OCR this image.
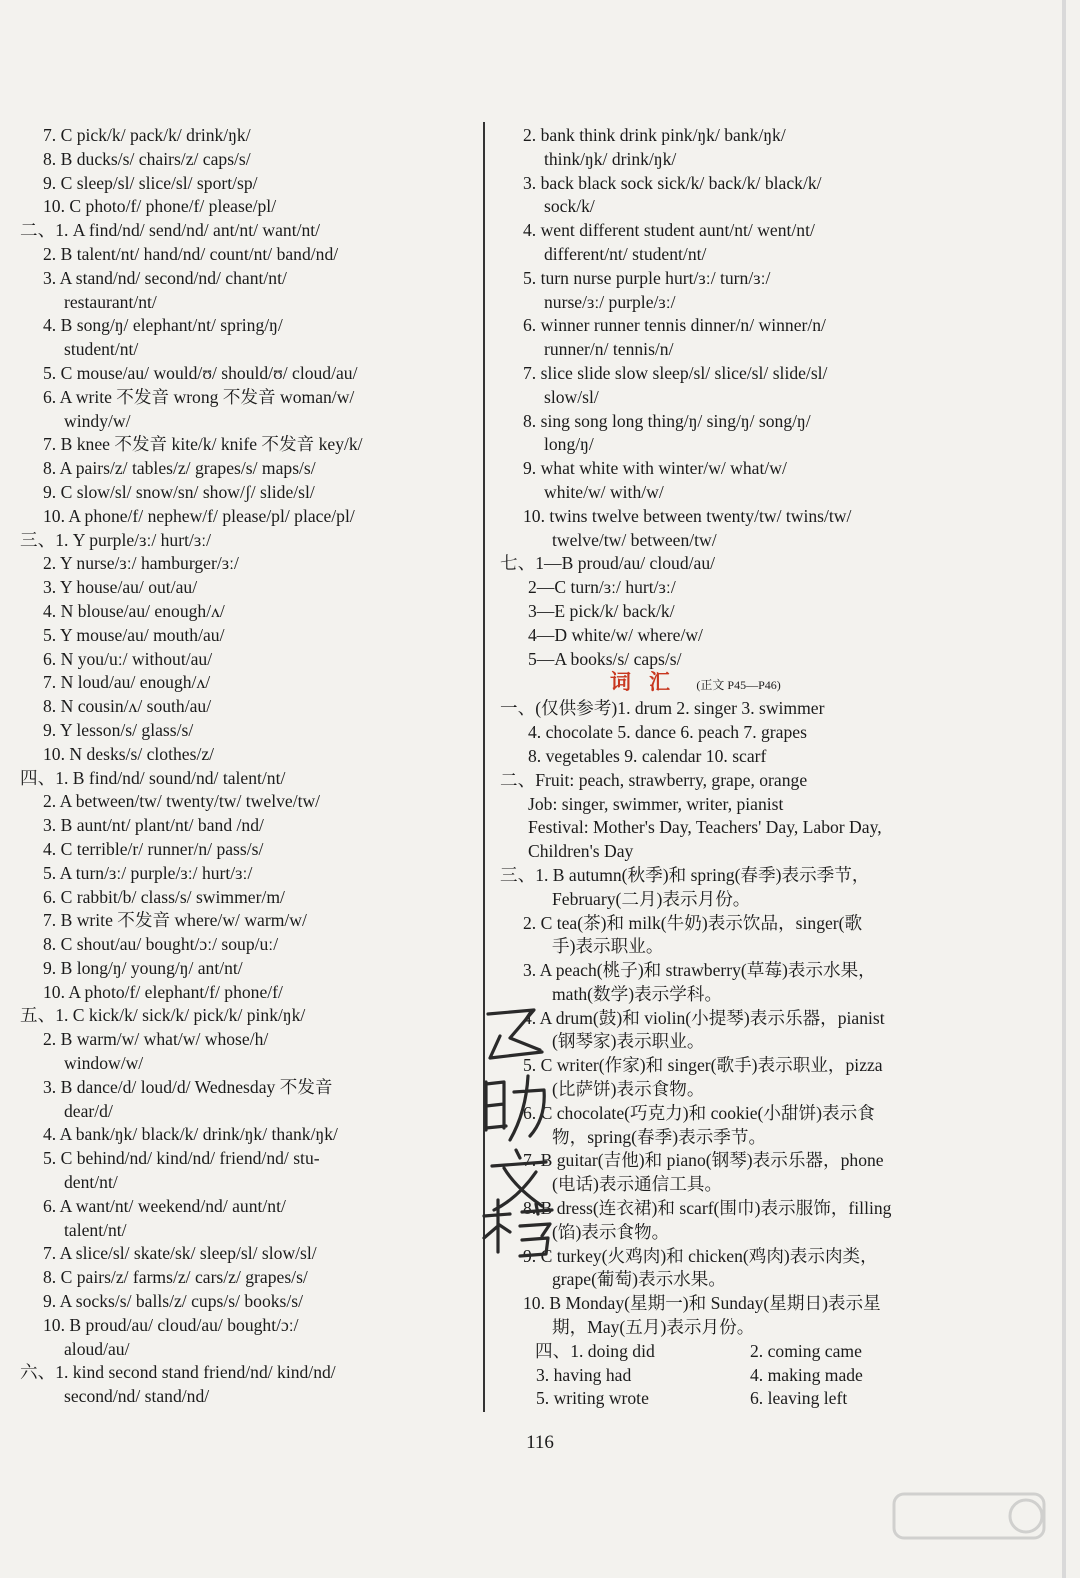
7. C pick/k/ pack/k/ drink/ŋk/
8. B ducks/s/ chairs/z/ caps/s/
9. C sleep/sl/ slice/sl/ sport/sp/
10. C photo/f/ phone/f/ please/pl/
二、1. A find/nd/ send/nd/ ant/nt/ want/nt/
2. B talent/nt/ hand/nd/ count/nt/ band/nd/
3. A stand/nd/ second/nd/ chant/nt/
restaurant/nt/
4. B song/ŋ/ elephant/nt/ spring/ŋ/
student/nt/
5. C mouse/au/ would/ʊ/ should/ʊ/ cloud/au/
6. A write 不发音 wrong 不发音 woman/w/
windy/w/
7. B knee 不发音 kite/k/ knife 不发音 key/k/
8. A pairs/z/ tables/z/ grapes/s/ maps/s/
9. C slow/sl/ snow/sn/ show/ʃ/ slide/sl/
10. A phone/f/ nephew/f/ please/pl/ place/pl/
三、1. Y purple/ɜː/ hurt/ɜː/
2. Y nurse/ɜː/ hamburger/ɜː/
3. Y house/au/ out/au/
4. N blouse/au/ enough/ʌ/
5. Y mouse/au/ mouth/au/
6. N you/uː/ without/au/
7. N loud/au/ enough/ʌ/
8. N cousin/ʌ/ south/au/
9. Y lesson/s/ glass/s/
10. N desks/s/ clothes/z/
四、1. B find/nd/ sound/nd/ talent/nt/
2. A between/tw/ twenty/tw/ twelve/tw/
3. B aunt/nt/ plant/nt/ band /nd/
4. C terrible/r/ runner/n/ pass/s/
5. A turn/ɜː/ purple/ɜː/ hurt/ɜː/
6. C rabbit/b/ class/s/ swimmer/m/
7. B write 不发音 where/w/ warm/w/
8. C shout/au/ bought/ɔː/ soup/uː/
9. B long/ŋ/ young/ŋ/ ant/nt/
10. A photo/f/ elephant/f/ phone/f/
五、1. C kick/k/ sick/k/ pick/k/ pink/ŋk/
2. B warm/w/ what/w/ whose/h/
window/w/
3. B dance/d/ loud/d/ Wednesday 不发音
dear/d/
4. A bank/ŋk/ black/k/ drink/ŋk/ thank/ŋk/
5. C behind/nd/ kind/nd/ friend/nd/ stu-
dent/nt/
6. A want/nt/ weekend/nd/ aunt/nt/
talent/nt/
7. A slice/sl/ skate/sk/ sleep/sl/ slow/sl/
8. C pairs/z/ farms/z/ cars/z/ grapes/s/
9. A socks/s/ balls/z/ cups/s/ books/s/
10. B proud/au/ cloud/au/ bought/ɔː/
aloud/au/
六、1. kind second stand friend/nd/ kind/nd/
second/nd/ stand/nd/
2. bank think drink pink/ŋk/ bank/ŋk/
think/ŋk/ drink/ŋk/
3. back black sock sick/k/ back/k/ black/k/
sock/k/
4. went different student aunt/nt/ went/nt/
different/nt/ student/nt/
5. turn nurse purple hurt/ɜː/ turn/ɜː/
nurse/ɜː/ purple/ɜː/
6. winner runner tennis dinner/n/ winner/n/
runner/n/ tennis/n/
7. slice slide slow sleep/sl/ slice/sl/ slide/sl/
slow/sl/
8. sing song long thing/ŋ/ sing/ŋ/ song/ŋ/
long/ŋ/
9. what white with winter/w/ what/w/
white/w/ with/w/
10. twins twelve between twenty/tw/ twins/tw/
twelve/tw/ between/tw/
七、1—B proud/au/ cloud/au/
2—C turn/ɜː/ hurt/ɜː/
3—E pick/k/ back/k/
4—D white/w/ where/w/
5—A books/s/ caps/s/
词汇 (正文 P45—P46)
一、(仅供参考)1. drum 2. singer 3. swimmer
4. chocolate 5. dance 6. peach 7. grapes
8. vegetables 9. calendar 10. scarf
二、Fruit: peach, strawberry, grape, orange
Job: singer, swimmer, writer, pianist
Festival: Mother's Day, Teachers' Day, Labor Day,
Children's Day
三、1. B autumn(秋季)和 spring(春季)表示季节，
February(二月)表示月份。
2. C tea(茶)和 milk(牛奶)表示饮品，singer(歌
手)表示职业。
3. A peach(桃子)和 strawberry(草莓)表示水果，
math(数学)表示学科。
4. A drum(鼓)和 violin(小提琴)表示乐器，pianist
(钢琴家)表示职业。
5. C writer(作家)和 singer(歌手)表示职业，pizza
(比萨饼)表示食物。
6. C chocolate(巧克力)和 cookie(小甜饼)表示食
物，spring(春季)表示季节。
7. B guitar(吉他)和 piano(钢琴)表示乐器，phone
(电话)表示通信工具。
8. B dress(连衣裙)和 scarf(围巾)表示服饰，filling
(馅)表示食物。
9. C turkey(火鸡肉)和 chicken(鸡肉)表示肉类，
grape(葡萄)表示水果。
10. B Monday(星期一)和 Sunday(星期日)表示星
期，May(五月)表示月份。
四、1. doing did	2. coming came
3. having had	4. making made
5. writing wrote	6. leaving left
116
